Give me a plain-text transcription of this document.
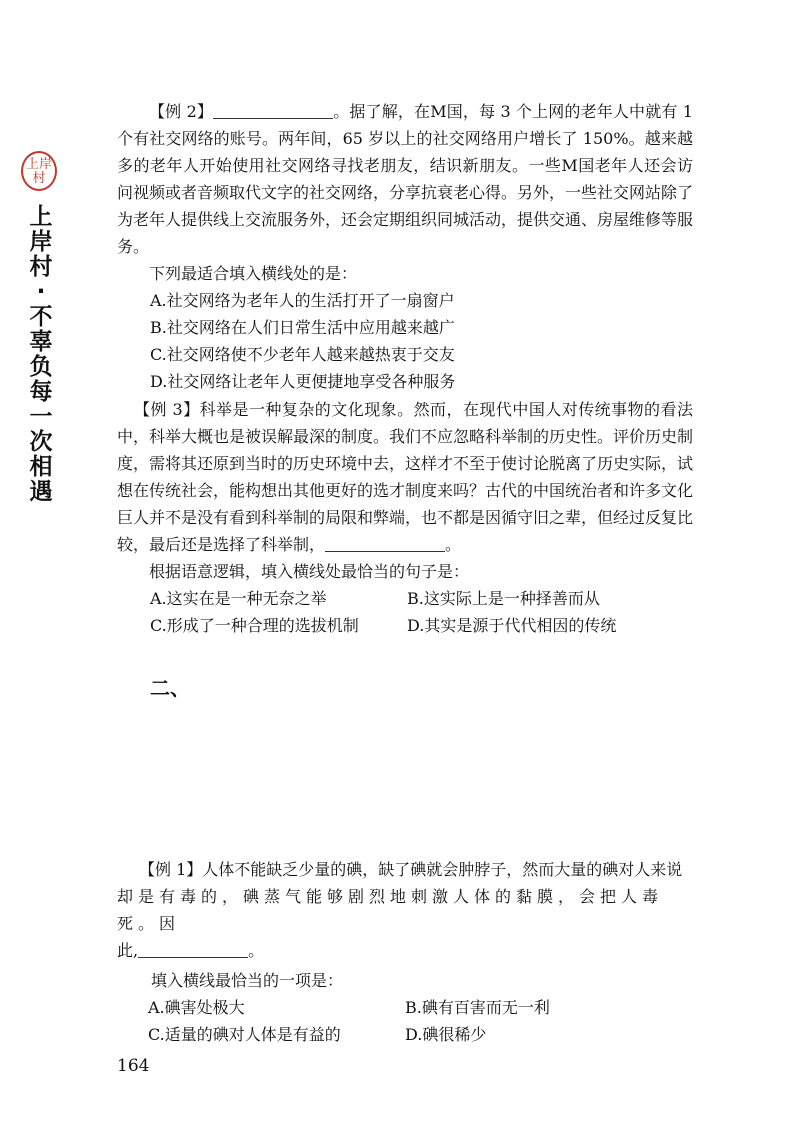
上岸
村
上
岸
村
·
不
辜
负
每
一
次
相
遇

【例 2】	。据了解，在M国，每 3 个上网的老年人中就有 1个有社交网络的账号。两年间，65 岁以上的社交网络用户增长了 150%。越来越多的老年人开始使用社交网络寻找老朋友，结识新朋友。一些M国老年人还会访问视频或者音频取代文字的社交网络，分享抗衰老心得。另外，一些社交网站除了为老年人提供线上交流服务外，还会定期组织同城活动，提供交通、房屋维修等服务。

下列最适合填入横线处的是：

A.社交网络为老年人的生活打开了一扇窗户

B.社交网络在人们日常生活中应用越来越广

C.社交网络使不少老年人越来越热衷于交友

D.社交网络让老年人更便捷地享受各种服务

【例 3】科举是一种复杂的文化现象。然而，在现代中国人对传统事物的看法中，科举大概也是被误解最深的制度。我们不应忽略科举制的历史性。评价历史制度，需将其还原到当时的历史环境中去，这样才不至于使讨论脱离了历史实际，试想在传统社会，能构想出其他更好的选才制度来吗？古代的中国统治者和许多文化巨人并不是没有看到科举制的局限和弊端，也不都是因循守旧之辈，但经过反复比较，最后还是选择了科举制，	。

根据语意逻辑，填入横线处最恰当的句子是：

A.这实在是一种无奈之举	B.这实际上是一种择善而从

C.形成了一种合理的选拔机制	D.其实是源于代代相因的传统

二、

【例 1】人体不能缺乏少量的碘，缺了碘就会肿脖子，然而大量的碘对人来说

却是有毒的，碘蒸气能够剧烈地刺激人体的黏膜，会把人毒死。因

此,	。

填入横线最恰当的一项是：

A.碘害处极大	B.碘有百害而无一利

C.适量的碘对人体是有益的	D.碘很稀少

164
